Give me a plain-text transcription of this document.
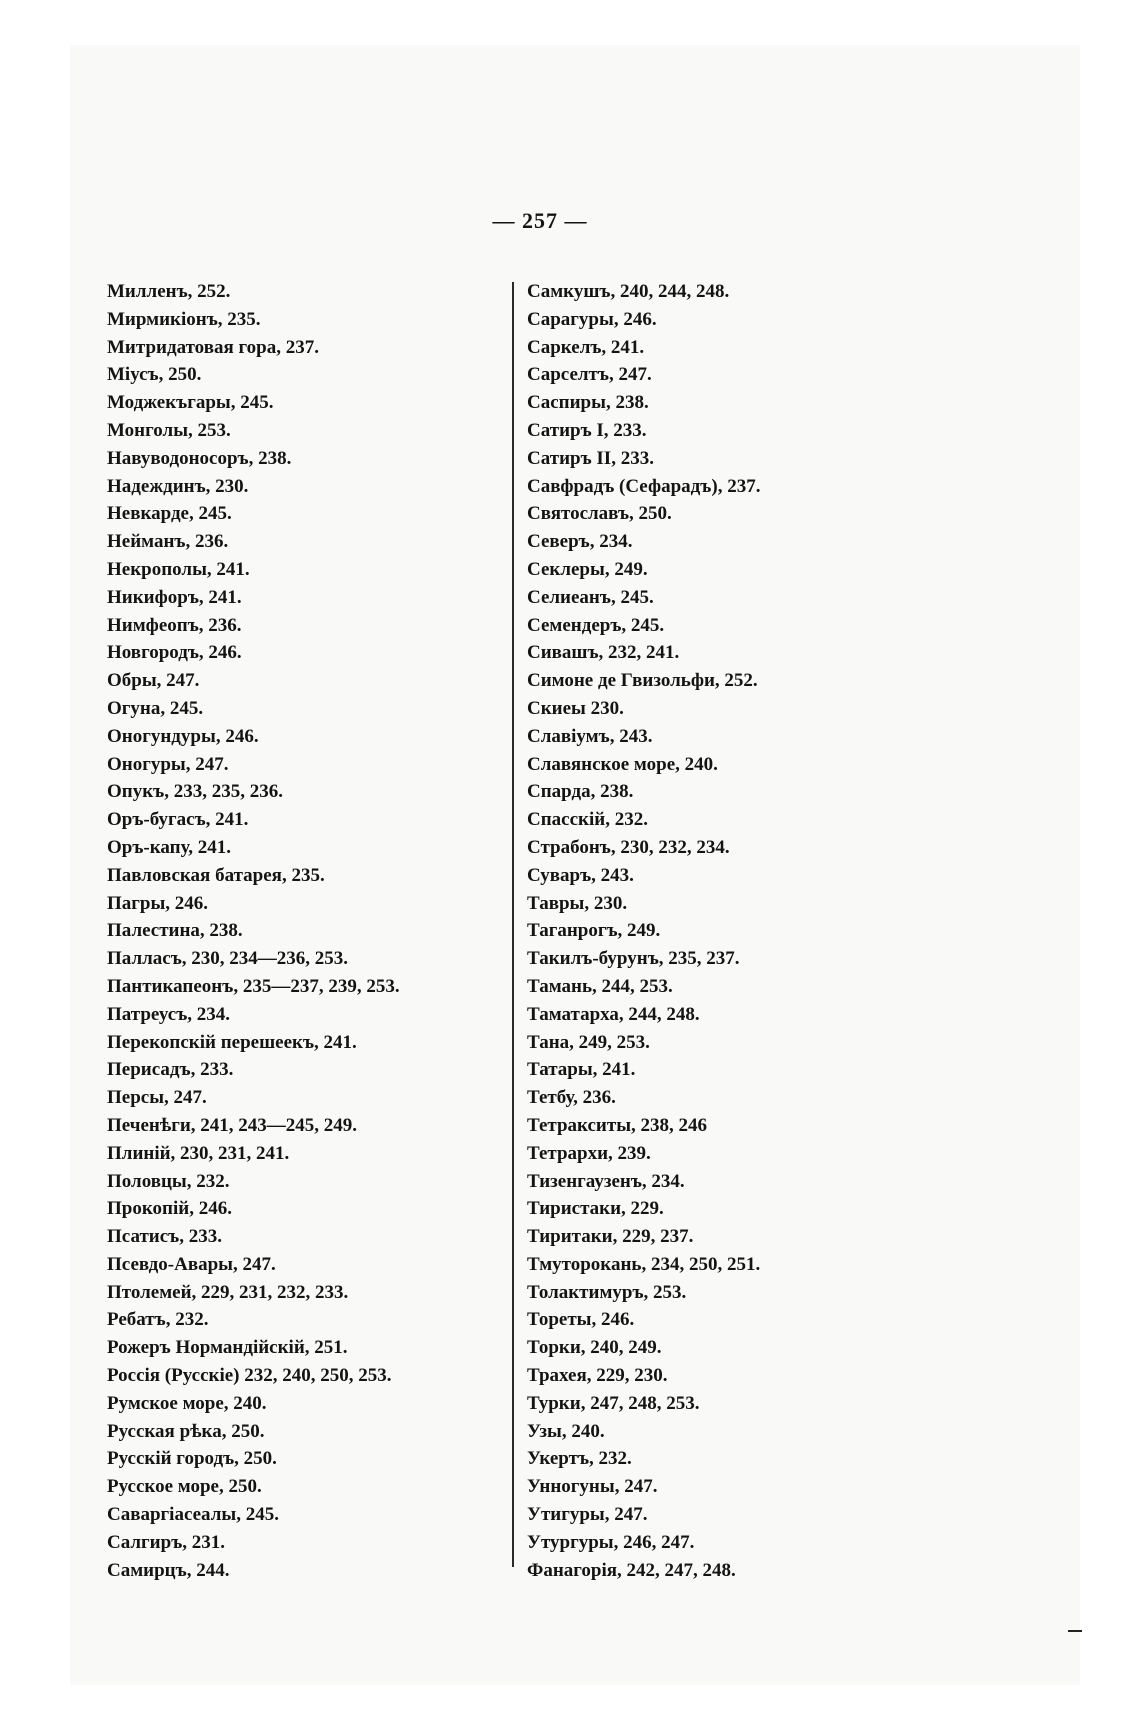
— 257 —
Милленъ, 252.
Мирмикіонъ, 235.
Митридатовая гора, 237.
Міусъ, 250.
Моджекъгары, 245.
Монголы, 253.
Навуводоносоръ, 238.
Надеждинъ, 230.
Невкарде, 245.
Нейманъ, 236.
Некрополы, 241.
Никифоръ, 241.
Нимфеопъ, 236.
Новгородъ, 246.
Обры, 247.
Огуна, 245.
Оногундуры, 246.
Оногуры, 247.
Опукъ, 233, 235, 236.
Оръ-бугасъ, 241.
Оръ-капу, 241.
Павловская батарея, 235.
Пагры, 246.
Палестина, 238.
Палласъ, 230, 234—236, 253.
Пантикапеонъ, 235—237, 239, 253.
Патреусъ, 234.
Перекопскій перешеекъ, 241.
Перисадъ, 233.
Персы, 247.
Печенѣги, 241, 243—245, 249.
Плиній, 230, 231, 241.
Половцы, 232.
Прокопій, 246.
Псатисъ, 233.
Псевдо-Авары, 247.
Птолемей, 229, 231, 232, 233.
Ребатъ, 232.
Рожеръ Нормандійскій, 251.
Россія (Русскіе) 232, 240, 250, 253.
Румское море, 240.
Русская рѣка, 250.
Русскій городъ, 250.
Русское море, 250.
Саваргіасеалы, 245.
Салгиръ, 231.
Самирцъ, 244.
Самкушъ, 240, 244, 248.
Сарагуры, 246.
Саркелъ, 241.
Сарселтъ, 247.
Саспиры, 238.
Сатиръ I, 233.
Сатиръ II, 233.
Савфрадъ (Сефарадъ), 237.
Святославъ, 250.
Северъ, 234.
Секлеры, 249.
Селиеанъ, 245.
Семендеръ, 245.
Сивашъ, 232, 241.
Симоне де Гвизольфи, 252.
Скиеы 230.
Славіумъ, 243.
Славянское море, 240.
Спарда, 238.
Спасскій, 232.
Страбонъ, 230, 232, 234.
Суваръ, 243.
Тавры, 230.
Таганрогъ, 249.
Такилъ-бурунъ, 235, 237.
Тамань, 244, 253.
Таматарха, 244, 248.
Тана, 249, 253.
Татары, 241.
Тетбу, 236.
Тетракситы, 238, 246
Тетрархи, 239.
Тизенгаузенъ, 234.
Тиристаки, 229.
Тиритаки, 229, 237.
Тмуторокань, 234, 250, 251.
Толактимуръ, 253.
Тореты, 246.
Торки, 240, 249.
Трахея, 229, 230.
Турки, 247, 248, 253.
Узы, 240.
Укертъ, 232.
Унногуны, 247.
Утигуры, 247.
Утургуры, 246, 247.
Фанагорія, 242, 247, 248.
